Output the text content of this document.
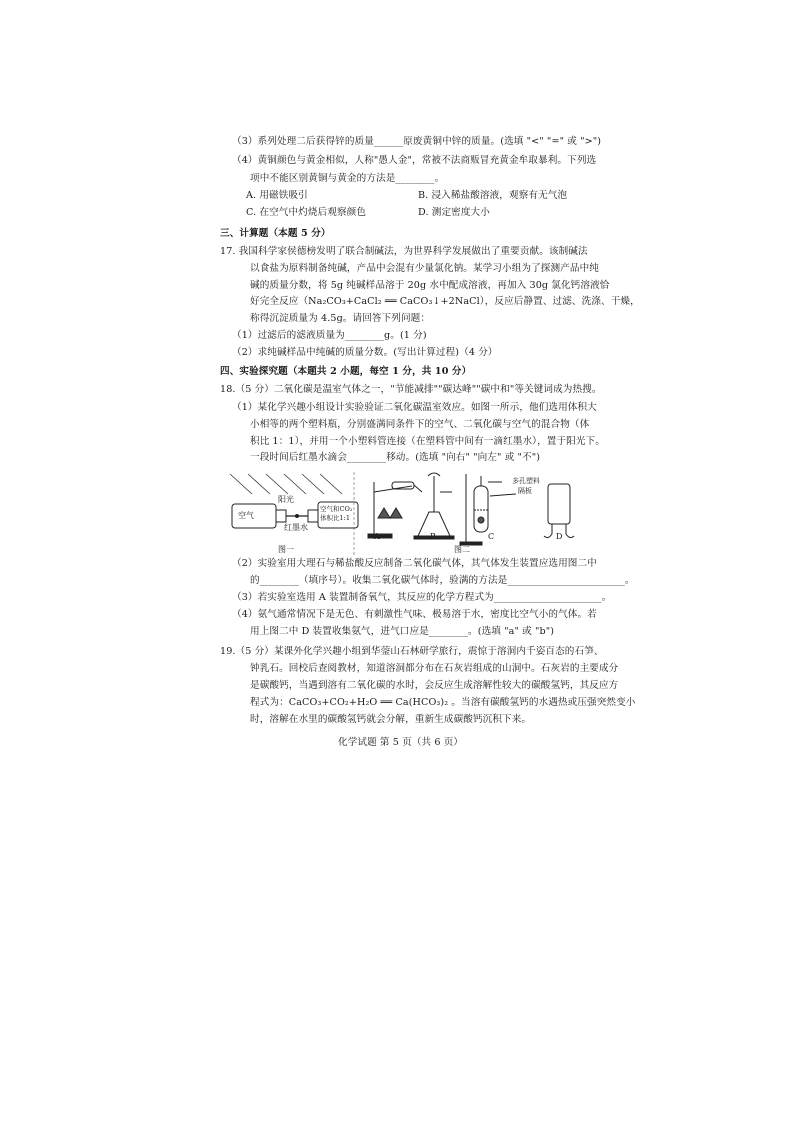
（3）系列处理二后获得锌的质量______原废黄铜中锌的质量。(选填 "<" "=" 或 ">")
（4）黄铜颜色与黄金相似，人称"愚人金"，常被不法商贩冒充黄金牟取暴利。下列选
项中不能区别黄铜与黄金的方法是________。
A. 用磁铁吸引	B. 浸入稀盐酸溶液，观察有无气泡
C. 在空气中灼烧后观察颜色	D. 测定密度大小
三、计算题（本题 5 分）
17. 我国科学家侯德榜发明了联合制碱法，为世界科学发展做出了重要贡献。该制碱法
以食盐为原料制备纯碱，产品中会混有少量氯化钠。某学习小组为了探测产品中纯
碱的质量分数，将 5g 纯碱样品溶于 20g 水中配成溶液，再加入 30g 氯化钙溶液恰
好完全反应（Na₂CO₃+CaCl₂ ══ CaCO₃↓+2NaCl），反应后静置、过滤、洗涤、干燥，
称得沉淀质量为 4.5g。请回答下列问题：
（1）过滤后的滤液质量为________g。(1 分)
（2）求纯碱样品中纯碱的质量分数。(写出计算过程)（4 分）
四、实验探究题（本题共 2 小题，每空 1 分，共 10 分）
18.（5 分）二氧化碳是温室气体之一，"节能减排""碳达峰""碳中和"等关键词成为热搜。
（1）某化学兴趣小组设计实验验证二氧化碳温室效应。如图一所示，他们选用体积大
小相等的两个塑料瓶，分别盛满同条件下的空气、二氧化碳与空气的混合物（体
积比 1：1），并用一个小塑料管连接（在塑料管中间有一滴红墨水），置于阳光下。
一段时间后红墨水滴会________移动。(选填 "向右" "向左" 或 "不")
空气
阳光
空气和CO₂
体积比1:1
红墨水
多孔塑料
隔板
A	B	C	D
图一	图二
（2）实验室用大理石与稀盐酸反应制备二氧化碳气体，其气体发生装置应选用图二中
的________（填序号）。收集二氧化碳气体时，验满的方法是________________________。
（3）若实验室选用 A 装置制备氧气，其反应的化学方程式为______________________。
（4）氨气通常情况下是无色、有刺激性气味、极易溶于水，密度比空气小的气体。若
用上图二中 D 装置收集氨气，进气口应是________。(选填 "a" 或 "b")
19.（5 分）某课外化学兴趣小组到华蓥山石林研学旅行，震惊于溶洞内千姿百态的石笋、
钟乳石。回校后查阅教材，知道溶洞都分布在石灰岩组成的山洞中。石灰岩的主要成分
是碳酸钙，当遇到溶有二氧化碳的水时，会反应生成溶解性较大的碳酸氢钙，其反应方
程式为：CaCO₃+CO₂+H₂O ══ Ca(HCO₃)₂ 。当溶有碳酸氢钙的水遇热或压强突然变小
时，溶解在水里的碳酸氢钙就会分解，重新生成碳酸钙沉积下来。
化学试题 第 5 页（共 6 页）
